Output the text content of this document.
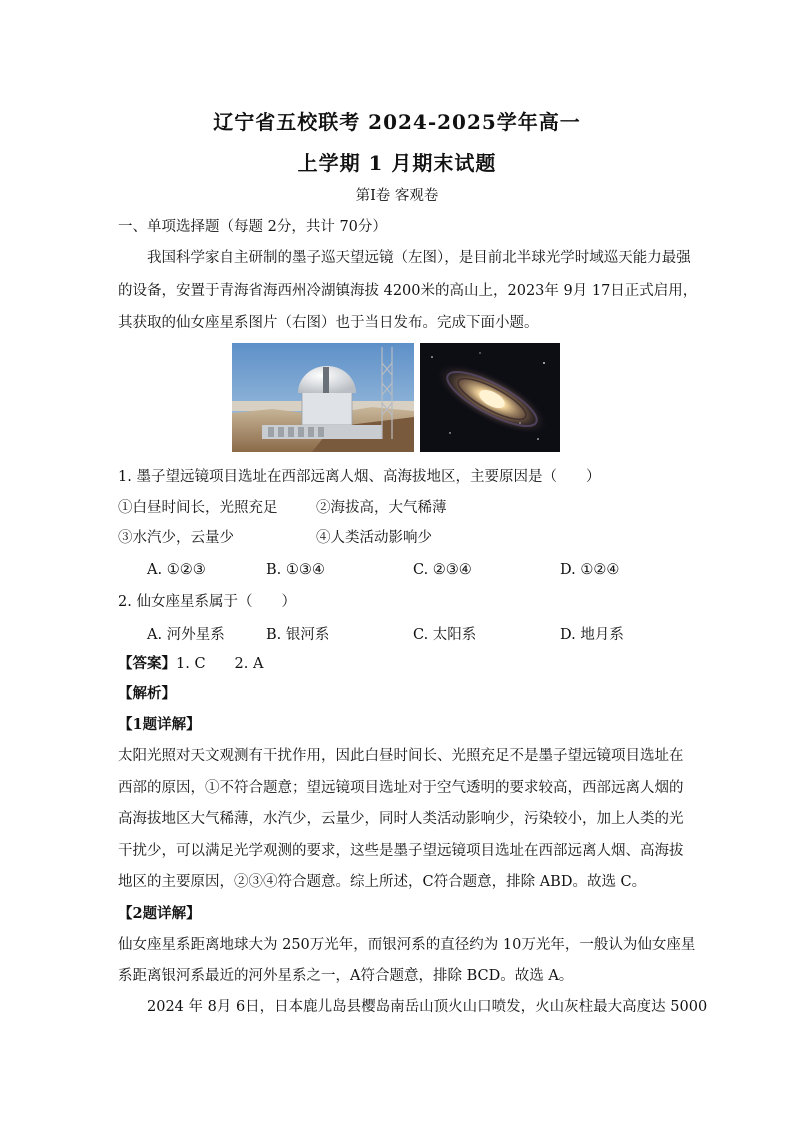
辽宁省五校联考 2024-2025学年高一
上学期 1 月期末试题
第Ⅰ卷 客观卷
一、单项选择题（每题 2分，共计 70分）
我国科学家自主研制的墨子巡天望远镜（左图），是目前北半球光学时域巡天能力最强
的设备，安置于青海省海西州冷湖镇海拔 4200米的高山上，2023年 9月 17日正式启用，
其获取的仙女座星系图片（右图）也于当日发布。完成下面小题。
1. 墨子望远镜项目选址在西部远离人烟、高海拔地区，主要原因是（　　）
①白昼时间长，光照充足	②海拔高，大气稀薄
③水汽少，云量少	④人类活动影响少
A. ①②③	B. ①③④	C. ②③④	D. ①②④
2. 仙女座星系属于（　　）
A. 河外星系	B. 银河系	C. 太阳系	D. 地月系
【答案】1. C　　2. A
【解析】
【1题详解】
太阳光照对天文观测有干扰作用，因此白昼时间长、光照充足不是墨子望远镜项目选址在
西部的原因，①不符合题意；望远镜项目选址对于空气透明的要求较高，西部远离人烟的
高海拔地区大气稀薄，水汽少，云量少，同时人类活动影响少，污染较小，加上人类的光
干扰少，可以满足光学观测的要求，这些是墨子望远镜项目选址在西部远离人烟、高海拔
地区的主要原因，②③④符合题意。综上所述，C符合题意，排除 ABD。故选 C。
【2题详解】
仙女座星系距离地球大为 250万光年，而银河系的直径约为 10万光年，一般认为仙女座星
系距离银河系最近的河外星系之一，A符合题意，排除 BCD。故选 A。
2024 年 8月 6日，日本鹿儿岛县樱岛南岳山顶火山口喷发，火山灰柱最大高度达 5000
